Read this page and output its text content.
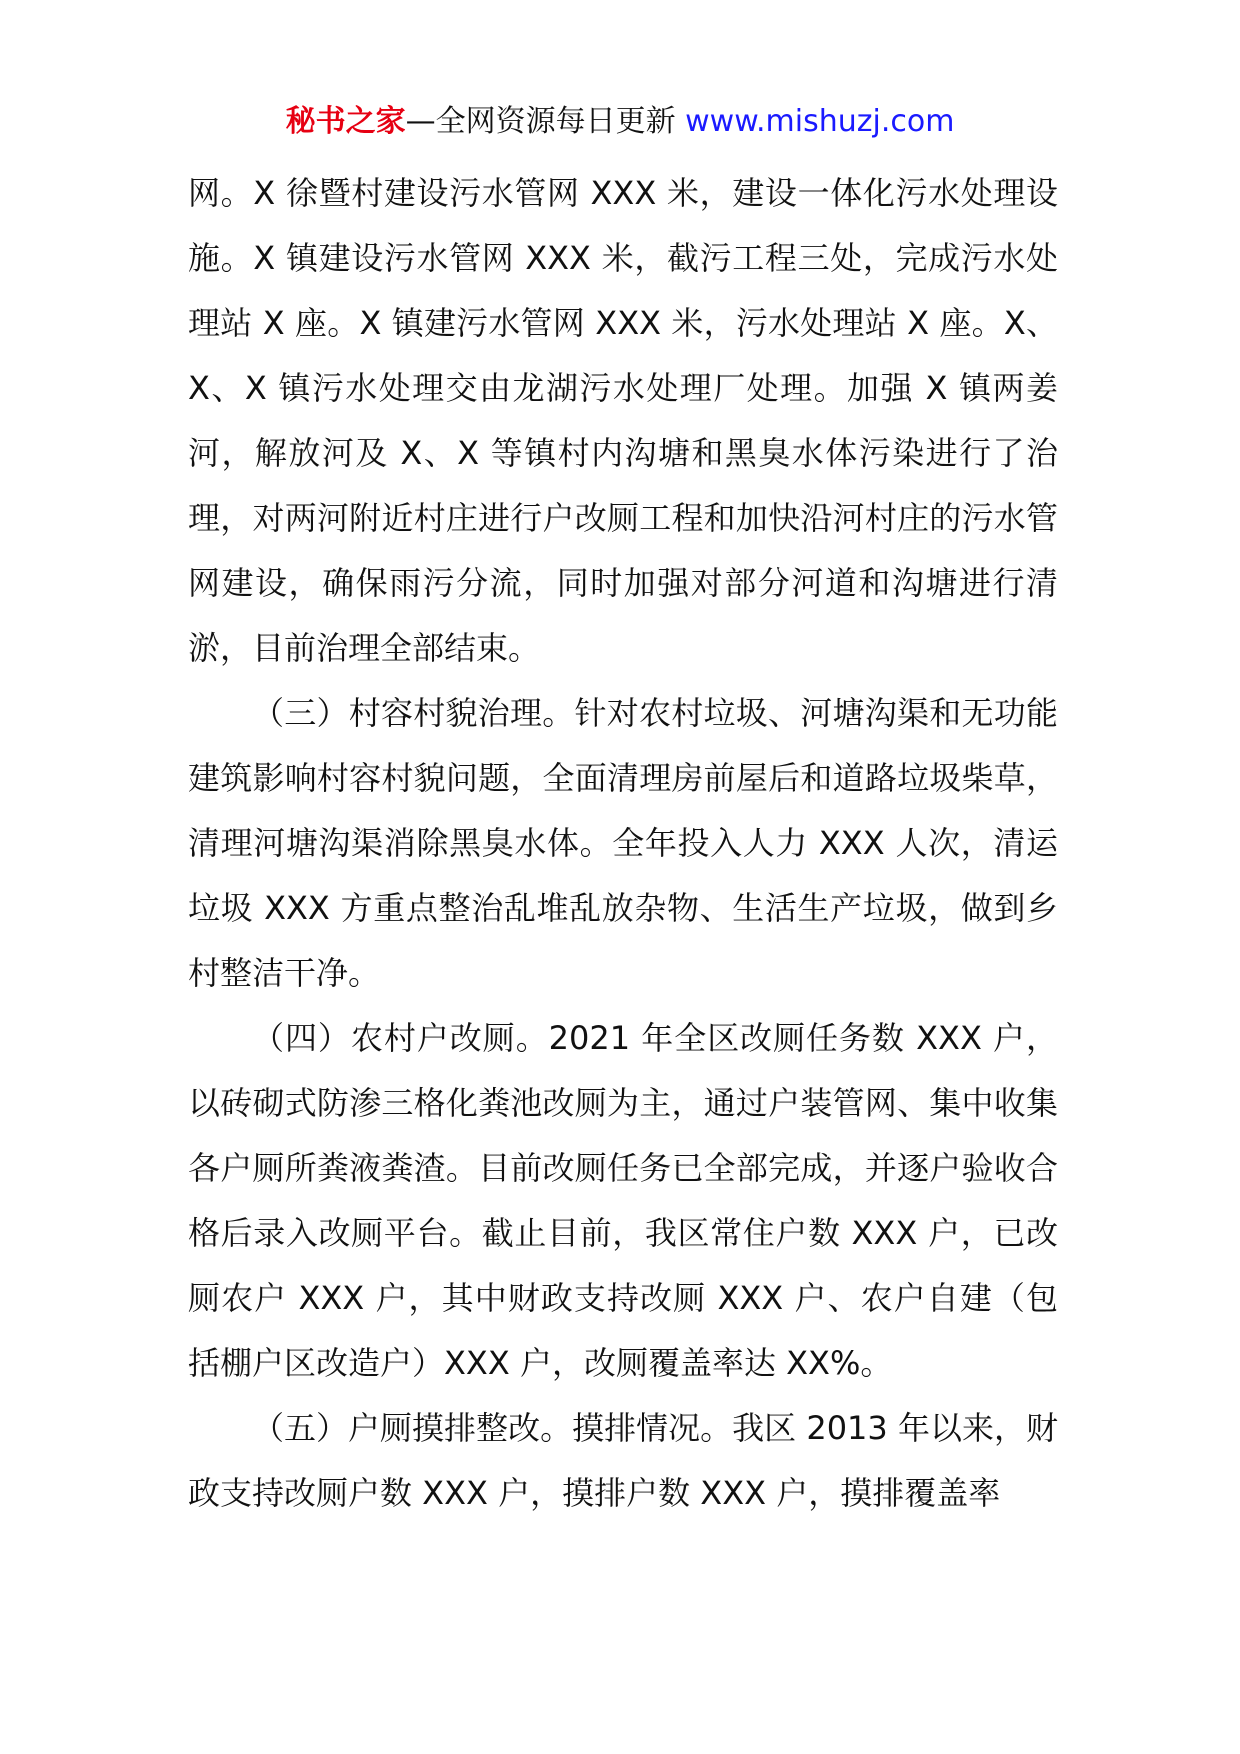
秘书之家—全网资源每日更新 www.mishuzj.com

网。X 徐暨村建设污水管网 XXX 米，建设一体化污水处理设施。X 镇建设污水管网 XXX 米，截污工程三处，完成污水处理站 X 座。X 镇建污水管网 XXX 米，污水处理站 X 座。X、X、X 镇污水处理交由龙湖污水处理厂处理。加强 X 镇两姜河，解放河及 X、X 等镇村内沟塘和黑臭水体污染进行了治理，对两河附近村庄进行户改厕工程和加快沿河村庄的污水管网建设，确保雨污分流，同时加强对部分河道和沟塘进行清淤，目前治理全部结束。

（三）村容村貌治理。针对农村垃圾、河塘沟渠和无功能建筑影响村容村貌问题，全面清理房前屋后和道路垃圾柴草，清理河塘沟渠消除黑臭水体。全年投入人力 XXX 人次，清运垃圾 XXX 方重点整治乱堆乱放杂物、生活生产垃圾，做到乡村整洁干净。

（四）农村户改厕。2021 年全区改厕任务数 XXX 户，以砖砌式防渗三格化粪池改厕为主，通过户装管网、集中收集各户厕所粪液粪渣。目前改厕任务已全部完成，并逐户验收合格后录入改厕平台。截止目前，我区常住户数 XXX 户，已改厕农户 XXX 户，其中财政支持改厕 XXX 户、农户自建（包括棚户区改造户）XXX 户，改厕覆盖率达 XX%。

（五）户厕摸排整改。摸排情况。我区 2013 年以来，财政支持改厕户数 XXX 户，摸排户数 XXX 户，摸排覆盖率
